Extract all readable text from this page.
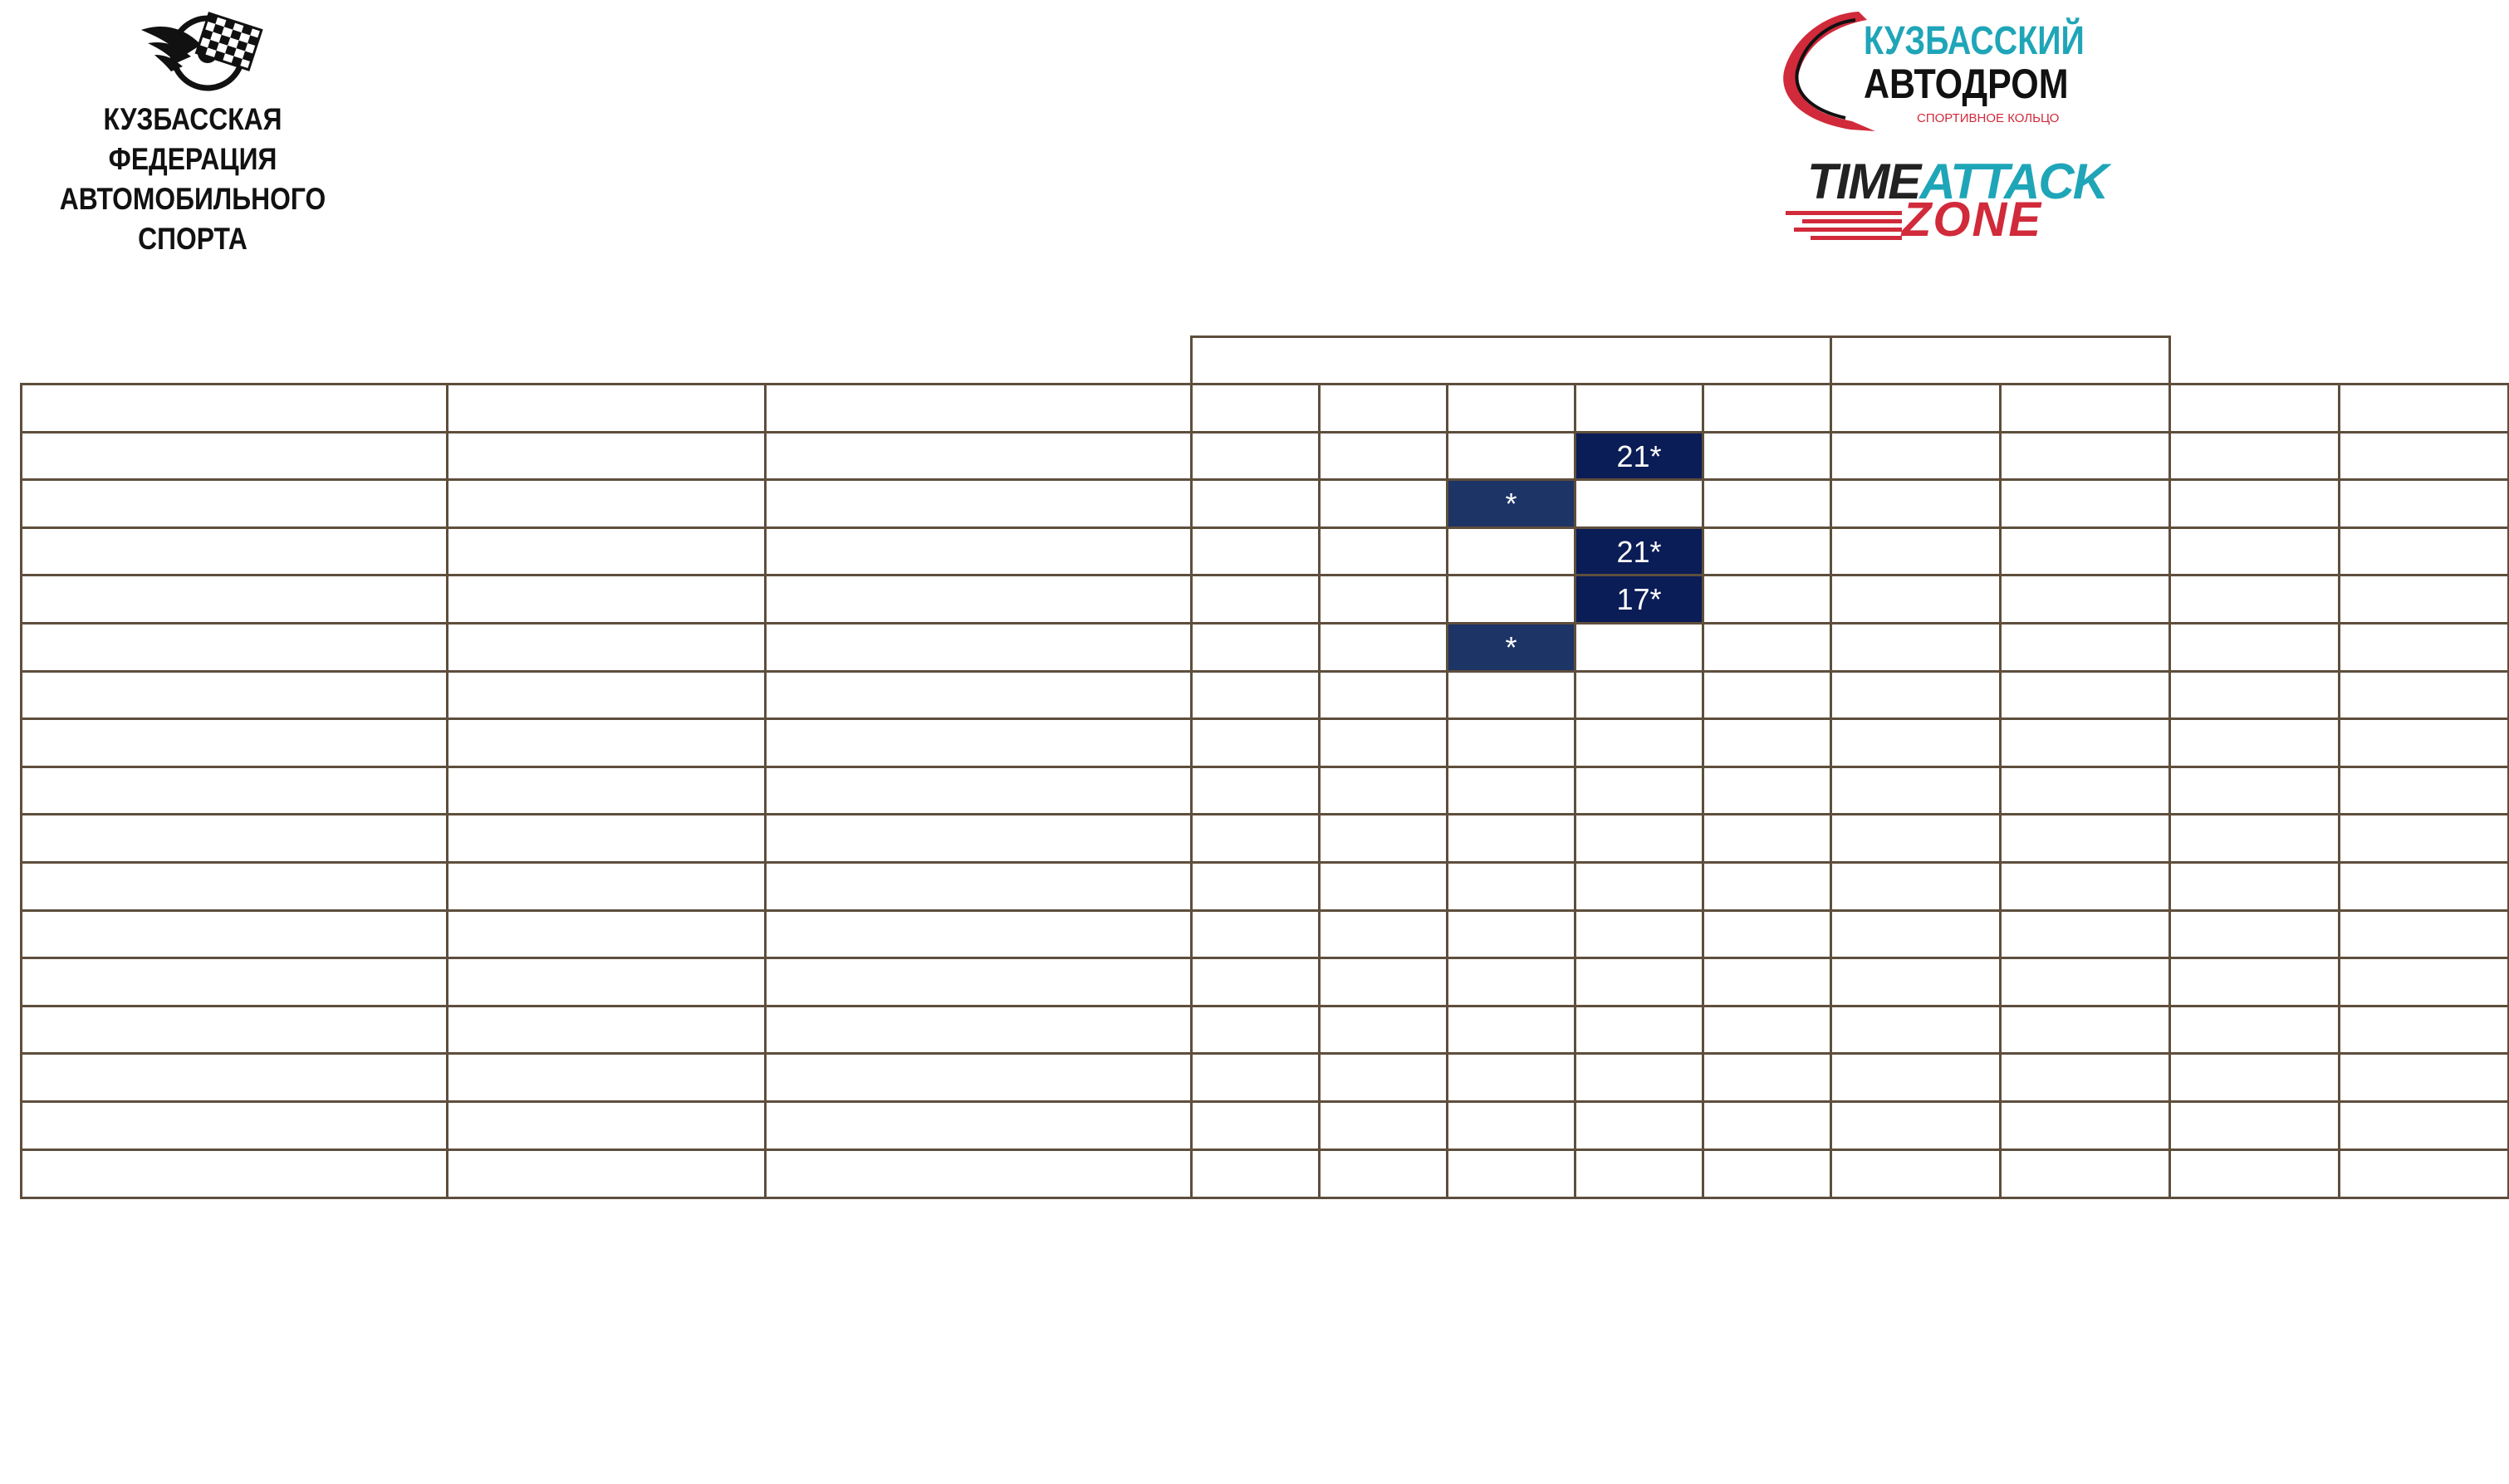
КУЗБАССКАЯ ФЕДЕРАЦИЯ
АВТОМОБИЛЬНОГО СПОРТА
КУЗБАССКИЙ
АВТОДРОМ
СПОРТИВНОЕ КОЛЬЦО
TIMEATTACK
ZONE
21*
*
21*
17*
*
